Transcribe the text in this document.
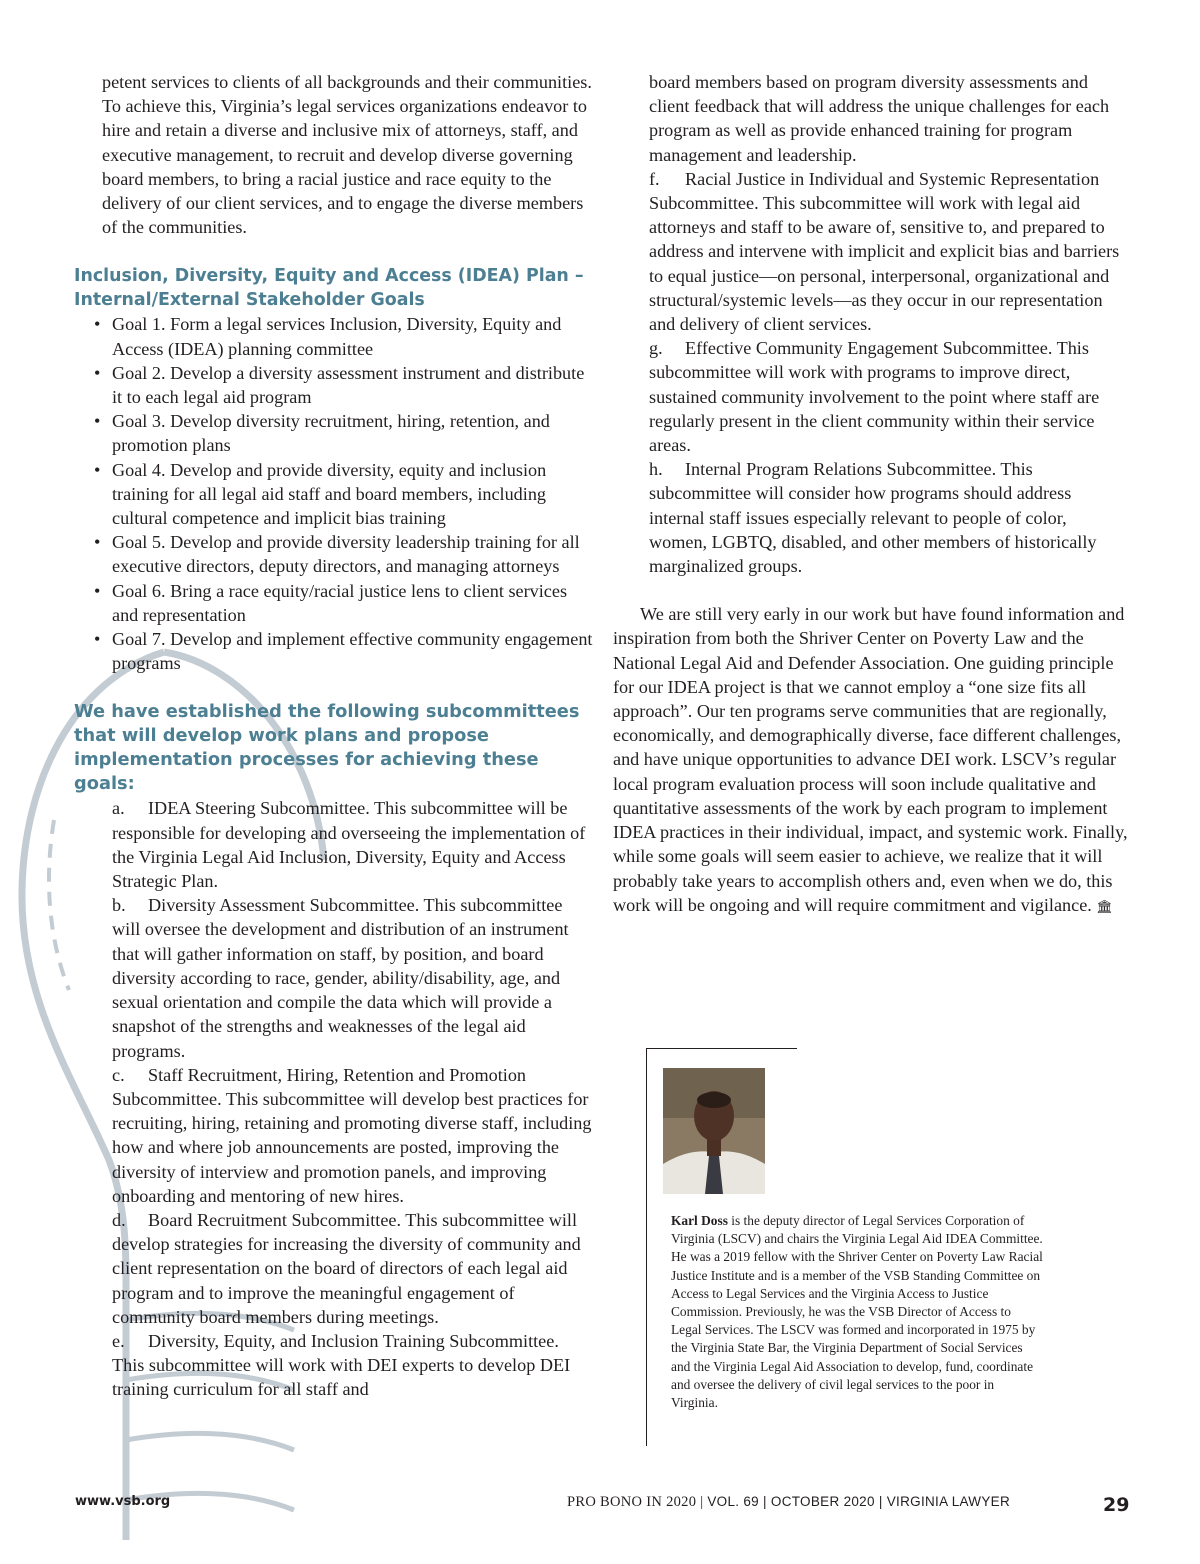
petent services to clients of all backgrounds and their communities. To achieve this, Virginia’s legal services organizations endeavor to hire and retain a diverse and inclusive mix of attorneys, staff, and executive management, to recruit and develop diverse governing board members, to bring a racial justice and race equity to the delivery of our client services, and to engage the diverse members of the communities.

Inclusion, Diversity, Equity and Access (IDEA) Plan – Internal/External Stakeholder Goals
• Goal 1. Form a legal services Inclusion, Diversity, Equity and Access (IDEA) planning committee
• Goal 2. Develop a diversity assessment instrument and distribute it to each legal aid program
• Goal 3. Develop diversity recruitment, hiring, retention, and promotion plans
• Goal 4. Develop and provide diversity, equity and inclusion training for all legal aid staff and board members, including cultural competence and implicit bias training
• Goal 5. Develop and provide diversity leadership training for all executive directors, deputy directors, and managing attorneys
• Goal 6. Bring a race equity/racial justice lens to client services and representation
• Goal 7. Develop and implement effective community engagement programs
We have established the following subcommittees that will develop work plans and propose implementation processes for achieving these goals:

a. IDEA Steering Subcommittee. This subcommittee will be responsible for developing and overseeing the implementation of the Virginia Legal Aid Inclusion, Diversity, Equity and Access Strategic Plan.

b. Diversity Assessment Subcommittee. This subcommittee will oversee the development and distribution of an instrument that will gather information on staff, by position, and board diversity according to race, gender, ability/disability, age, and sexual orientation and compile the data which will provide a snapshot of the strengths and weaknesses of the legal aid programs.

c. Staff Recruitment, Hiring, Retention and Promotion Subcommittee. This subcommittee will develop best practices for recruiting, hiring, retaining and promoting diverse staff, including how and where job announcements are posted, improving the diversity of interview and promotion panels, and improving onboarding and mentoring of new hires.

d. Board Recruitment Subcommittee. This subcommittee will develop strategies for increasing the diversity of community and client representation on the board of directors of each legal aid program and to improve the meaningful engagement of community board members during meetings.

e. Diversity, Equity, and Inclusion Training Subcommittee. This subcommittee will work with DEI experts to develop DEI training curriculum for all staff and

board members based on program diversity assessments and client feedback that will address the unique challenges for each program as well as provide enhanced training for program management and leadership.

f. Racial Justice in Individual and Systemic Representation Subcommittee. This subcommittee will work with legal aid attorneys and staff to be aware of, sensitive to, and prepared to address and intervene with implicit and explicit bias and barriers to equal justice—on personal, interpersonal, organizational and structural/systemic levels—as they occur in our representation and delivery of client services.

g. Effective Community Engagement Subcommittee. This subcommittee will work with programs to improve direct, sustained community involvement to the point where staff are regularly present in the client community within their service areas.

h. Internal Program Relations Subcommittee. This subcommittee will consider how programs should address internal staff issues especially relevant to people of color, women, LGBTQ, disabled, and other members of historically marginalized groups.

We are still very early in our work but have found information and inspiration from both the Shriver Center on Poverty Law and the National Legal Aid and Defender Association. One guiding principle for our IDEA project is that we cannot employ a “one size fits all approach”. Our ten programs serve communities that are regionally, economically, and demographically diverse, face different challenges, and have unique opportunities to advance DEI work. LSCV’s regular local program evaluation process will soon include qualitative and quantitative assessments of the work by each program to implement IDEA practices in their individual, impact, and systemic work. Finally, while some goals will seem easier to achieve, we realize that it will probably take years to accomplish others and, even when we do, this work will be ongoing and will require commitment and vigilance. 🏛

Karl Doss is the deputy director of Legal Services Corporation of Virginia (LSCV) and chairs the Virginia Legal Aid IDEA Committee. He was a 2019 fellow with the Shriver Center on Poverty Law Racial Justice Institute and is a member of the VSB Standing Committee on Access to Legal Services and the Virginia Access to Justice Commission. Previously, he was the VSB Director of Access to Legal Services. The LSCV was formed and incorporated in 1975 by the Virginia State Bar, the Virginia Department of Social Services and the Virginia Legal Aid Association to develop, fund, coordinate and oversee the delivery of civil legal services to the poor in Virginia.
www.vsb.org	PRO BONO IN 2020 | VOL. 69 | OCTOBER 2020 | VIRGINIA LAWYER	29
